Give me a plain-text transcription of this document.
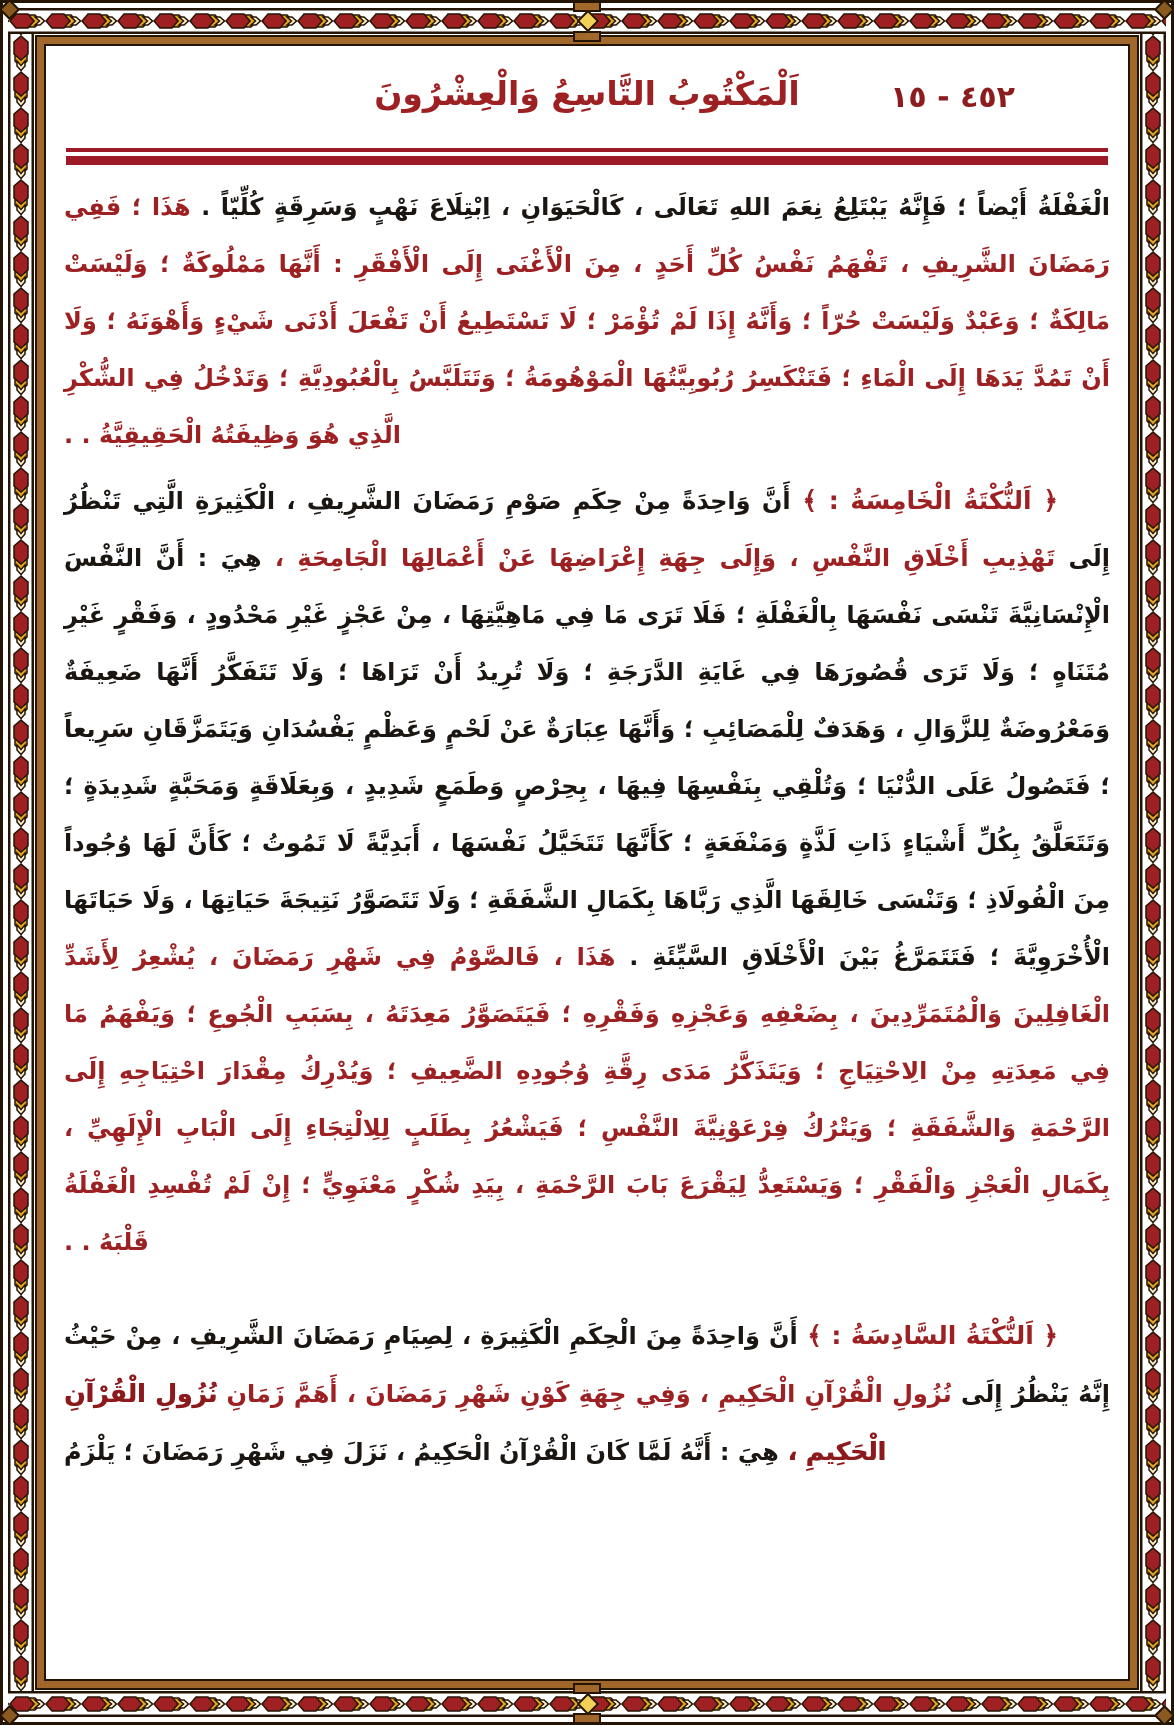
اَلْمَكْتُوبُ التَّاسِعُ وَالْعِشْرُونَ	٤٥٢ - ١٥

الْغَفْلَةُ أَيْضاً ؛ فَإِنَّهُ يَبْتَلِعُ نِعَمَ اللهِ تَعَالَى ، كَالْحَيَوَانِ ، اِبْتِلَاعَ نَهْبٍ وَسَرِقَةٍ كُلِّيّاً . هَذَا ؛ فَفِي رَمَضَانَ الشَّرِيفِ ، تَفْهَمُ نَفْسُ كُلِّ أَحَدٍ ، مِنَ الْأَغْنَى إِلَى الْأَفْقَرِ : أَنَّهَا مَمْلُوكَةٌ ؛ وَلَيْسَتْ مَالِكَةٌ ؛ وَعَبْدٌ وَلَيْسَتْ حُرّاً ؛ وَأَنَّهُ إِذَا لَمْ تُؤْمَرْ ؛ لَا تَسْتَطِيعُ أَنْ تَفْعَلَ أَدْنَى شَيْءٍ وَأَهْوَنَهُ ؛ وَلَا أَنْ تَمُدَّ يَدَهَا إِلَى الْمَاءِ ؛ فَتَنْكَسِرُ رُبُوبِيَّتُهَا الْمَوْهُومَةُ ؛ وَتَتَلَبَّسُ بِالْعُبُودِيَّةِ ؛ وَتَدْخُلُ فِي الشُّكْرِ الَّذِي هُوَ وَظِيفَتُهُ الْحَقِيقِيَّةُ . .

﴿ اَلنُّكْتَةُ الْخَامِسَةُ : ﴾ أَنَّ وَاحِدَةً مِنْ حِكَمِ صَوْمِ رَمَضَانَ الشَّرِيفِ ، الْكَثِيرَةِ الَّتِي تَنْظُرُ إِلَى تَهْذِيبِ أَخْلَاقِ النَّفْسِ ، وَإِلَى جِهَةِ إِعْرَاضِهَا عَنْ أَعْمَالِهَا الْجَامِحَةِ ، هِيَ : أَنَّ النَّفْسَ الْإِنْسَانِيَّةَ تَنْسَى نَفْسَهَا بِالْغَفْلَةِ ؛ فَلَا تَرَى مَا فِي مَاهِيَّتِهَا ، مِنْ عَجْزٍ غَيْرِ مَحْدُودٍ ، وَفَقْرٍ غَيْرِ مُتَنَاهٍ ؛ وَلَا تَرَى قُصُورَهَا فِي غَايَةِ الدَّرَجَةِ ؛ وَلَا تُرِيدُ أَنْ تَرَاهَا ؛ وَلَا تَتَفَكَّرُ أَنَّهَا ضَعِيفَةٌ وَمَعْرُوضَةٌ لِلزَّوَالِ ، وَهَدَفٌ لِلْمَصَائِبِ ؛ وَأَنَّهَا عِبَارَةٌ عَنْ لَحْمٍ وَعَظْمٍ يَفْسُدَانِ وَيَتَمَزَّقَانِ سَرِيعاً ؛ فَتَصُولُ عَلَى الدُّنْيَا ؛ وَتُلْقِي بِنَفْسِهَا فِيهَا ، بِحِرْصٍ وَطَمَعٍ شَدِيدٍ ، وَبِعَلَاقَةٍ وَمَحَبَّةٍ شَدِيدَةٍ ؛ وَتَتَعَلَّقُ بِكُلِّ أَشْيَاءٍ ذَاتِ لَذَّةٍ وَمَنْفَعَةٍ ؛ كَأَنَّهَا تَتَخَيَّلُ نَفْسَهَا ، أَبَدِيَّةً لَا تَمُوتُ ؛ كَأَنَّ لَهَا وُجُوداً مِنَ الْفُولَاذِ ؛ وَتَنْسَى خَالِقَهَا الَّذِي رَبَّاهَا بِكَمَالِ الشَّفَقَةِ ؛ وَلَا تَتَصَوَّرُ نَتِيجَةَ حَيَاتِهَا ، وَلَا حَيَاتَهَا الْأُخْرَوِيَّةَ ؛ فَتَتَمَرَّغُ بَيْنَ الْأَخْلَاقِ السَّيِّئَةِ . هَذَا ، فَالصَّوْمُ فِي شَهْرِ رَمَضَانَ ، يُشْعِرُ لِأَشَدِّ الْغَافِلِينَ وَالْمُتَمَرِّدِينَ ، بِضَعْفِهِ وَعَجْزِهِ وَفَقْرِهِ ؛ فَيَتَصَوَّرُ مَعِدَتَهُ ، بِسَبَبِ الْجُوعِ ؛ وَيَفْهَمُ مَا فِي مَعِدَتِهِ مِنْ الِاحْتِيَاجِ ؛ وَيَتَذَكَّرُ مَدَى رِقَّةِ وُجُودِهِ الضَّعِيفِ ؛ وَيُدْرِكُ مِقْدَارَ احْتِيَاجِهِ إِلَى الرَّحْمَةِ وَالشَّفَقَةِ ؛ وَيَتْرُكُ فِرْعَوْنِيَّةَ النَّفْسِ ؛ فَيَشْعُرُ بِطَلَبٍ لِلِالْتِجَاءِ إِلَى الْبَابِ الْإِلَهِيِّ ، بِكَمَالِ الْعَجْزِ وَالْفَقْرِ ؛ وَيَسْتَعِدُّ لِيَقْرَعَ بَابَ الرَّحْمَةِ ، بِيَدِ شُكْرٍ مَعْنَوِيٍّ ؛ إِنْ لَمْ تُفْسِدِ الْغَفْلَةُ قَلْبَهُ . .

﴿ اَلنُّكْتَةُ السَّادِسَةُ : ﴾ أَنَّ وَاحِدَةً مِنَ الْحِكَمِ الْكَثِيرَةِ ، لِصِيَامِ رَمَضَانَ الشَّرِيفِ ، مِنْ حَيْثُ إِنَّهُ يَنْظُرُ إِلَى نُزُولِ الْقُرْآنِ الْحَكِيمِ ، وَفِي جِهَةِ كَوْنِ شَهْرِ رَمَضَانَ ، أَهَمَّ زَمَانِ نُزُولِ الْقُرْآنِ الْحَكِيمِ ، هِيَ : أَنَّهُ لَمَّا كَانَ الْقُرْآنُ الْحَكِيمُ ، نَزَلَ فِي شَهْرِ رَمَضَانَ ؛ يَلْزَمُ
